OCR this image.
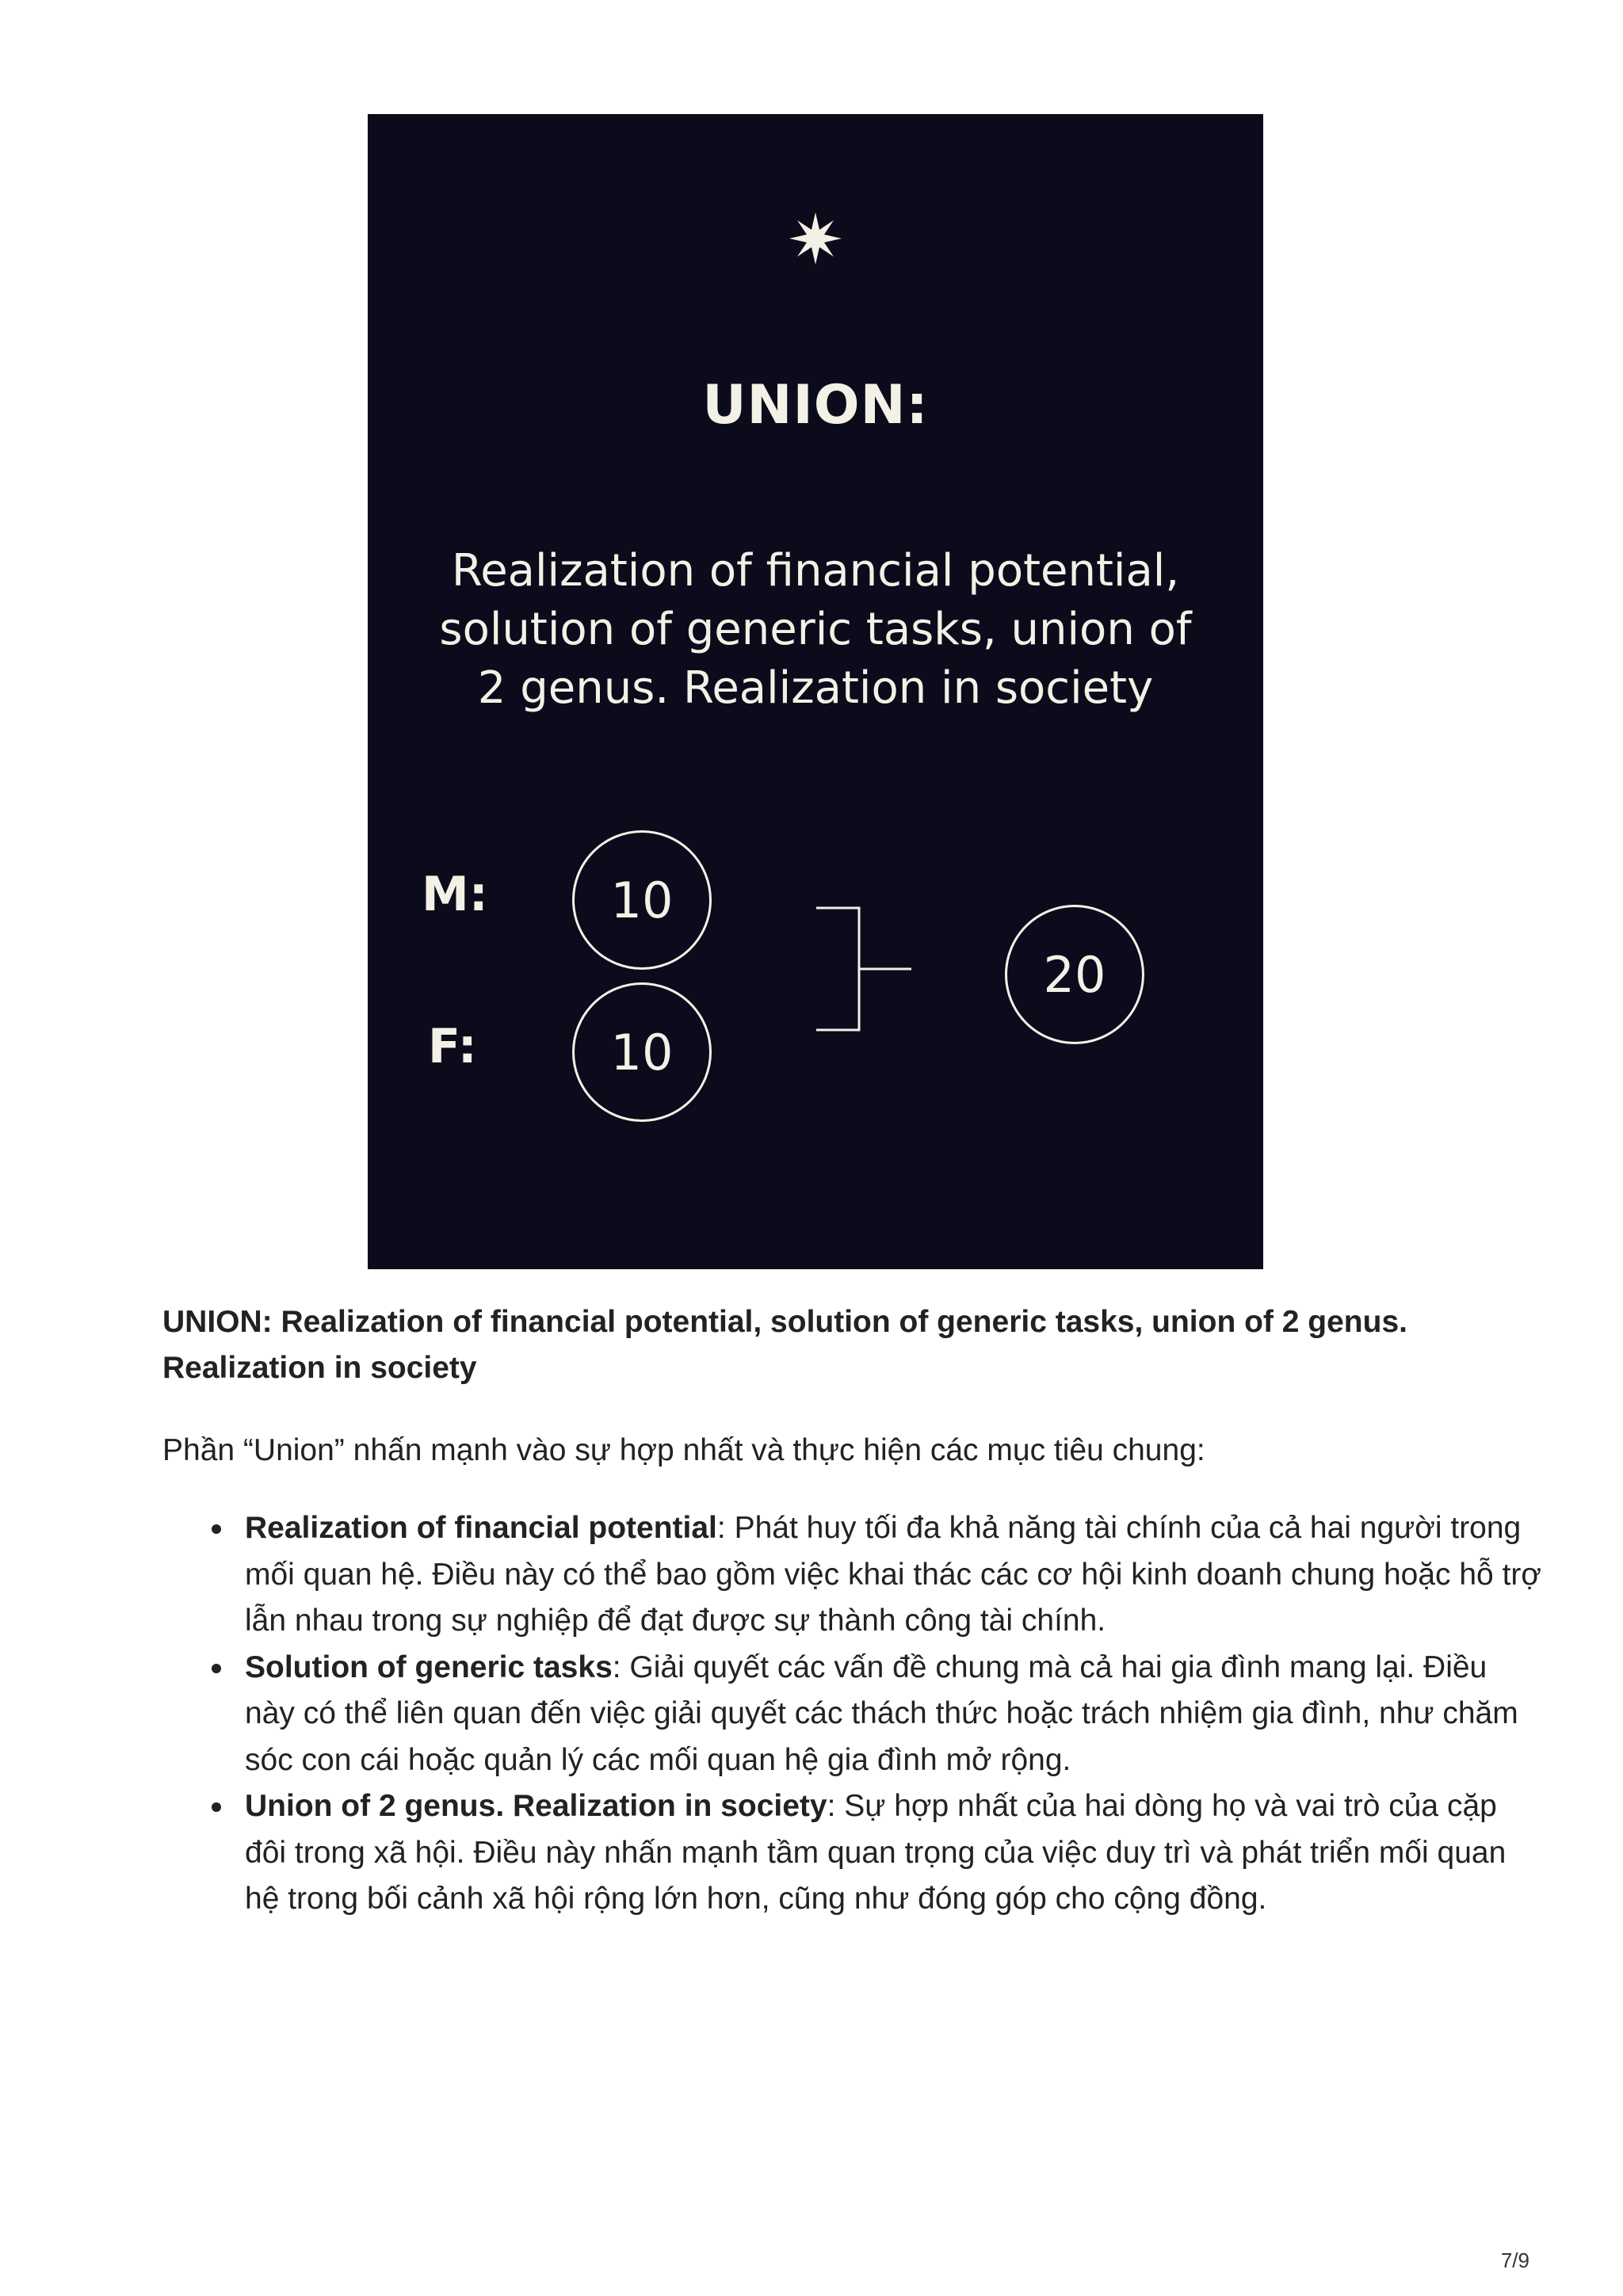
UNION:
Realization of financial potential,
solution of generic tasks, union of
2 genus. Realization in society
M:	10
F:	10
20

UNION: Realization of financial potential, solution of generic tasks, union of 2 genus. Realization in society

Phần “Union” nhấn mạnh vào sự hợp nhất và thực hiện các mục tiêu chung:

Realization of financial potential: Phát huy tối đa khả năng tài chính của cả hai người trong mối quan hệ. Điều này có thể bao gồm việc khai thác các cơ hội kinh doanh chung hoặc hỗ trợ lẫn nhau trong sự nghiệp để đạt được sự thành công tài chính.
Solution of generic tasks: Giải quyết các vấn đề chung mà cả hai gia đình mang lại. Điều này có thể liên quan đến việc giải quyết các thách thức hoặc trách nhiệm gia đình, như chăm sóc con cái hoặc quản lý các mối quan hệ gia đình mở rộng.
Union of 2 genus. Realization in society: Sự hợp nhất của hai dòng họ và vai trò của cặp đôi trong xã hội. Điều này nhấn mạnh tầm quan trọng của việc duy trì và phát triển mối quan hệ trong bối cảnh xã hội rộng lớn hơn, cũng như đóng góp cho cộng đồng.
7/9
